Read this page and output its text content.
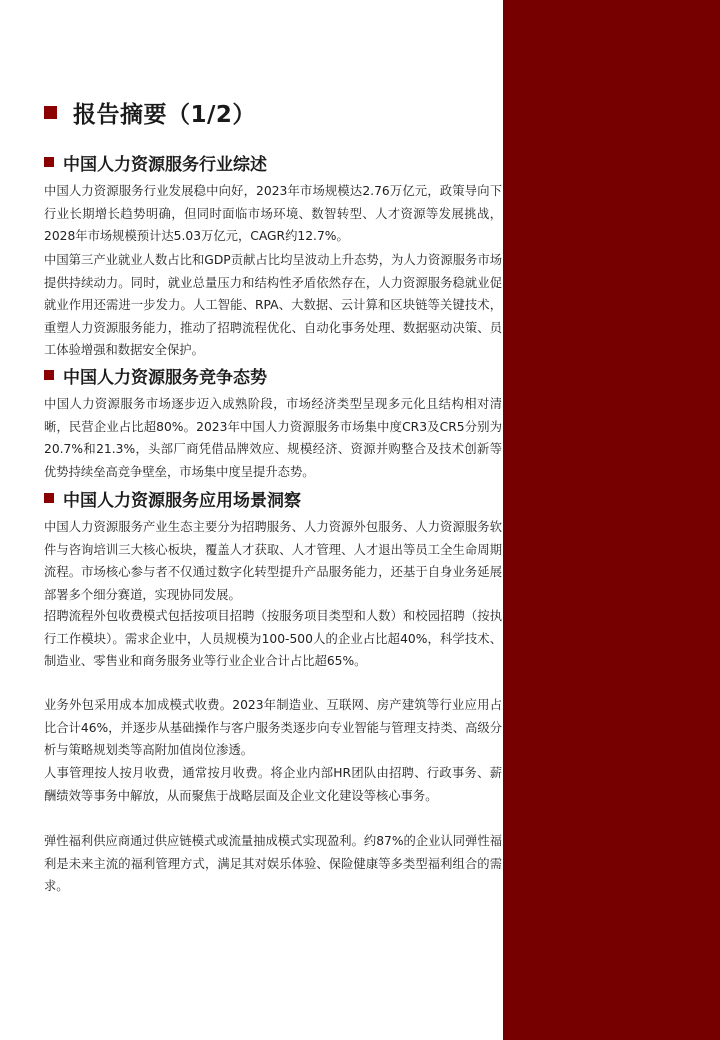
报告摘要（1/2）
中国人力资源服务行业综述

中国人力资源服务行业发展稳中向好，2023年市场规模达2.76万亿元，政策导向下行业长期增长趋势明确，但同时面临市场环境、数智转型、人才资源等发展挑战，2028年市场规模预计达5.03万亿元，CAGR约12.7%。

中国第三产业就业人数占比和GDP贡献占比均呈波动上升态势，为人力资源服务市场提供持续动力。同时，就业总量压力和结构性矛盾依然存在，人力资源服务稳就业促就业作用还需进一步发力。人工智能、RPA、大数据、云计算和区块链等关键技术，重塑人力资源服务能力，推动了招聘流程优化、自动化事务处理、数据驱动决策、员工体验增强和数据安全保护。

中国人力资源服务竞争态势

中国人力资源服务市场逐步迈入成熟阶段，市场经济类型呈现多元化且结构相对清晰，民营企业占比超80%。2023年中国人力资源服务市场集中度CR3及CR5分别为20.7%和21.3%，头部厂商凭借品牌效应、规模经济、资源并购整合及技术创新等优势持续垒高竞争壁垒，市场集中度呈提升态势。

中国人力资源服务应用场景洞察

中国人力资源服务产业生态主要分为招聘服务、人力资源外包服务、人力资源服务软件与咨询培训三大核心板块，覆盖人才获取、人才管理、人才退出等员工全生命周期流程。市场核心参与者不仅通过数字化转型提升产品服务能力，还基于自身业务延展部署多个细分赛道，实现协同发展。

招聘流程外包收费模式包括按项目招聘（按服务项目类型和人数）和校园招聘（按执行工作模块）。需求企业中，人员规模为100-500人的企业占比超40%，科学技术、制造业、零售业和商务服务业等行业企业合计占比超65%。

业务外包采用成本加成模式收费。2023年制造业、互联网、房产建筑等行业应用占比合计46%，并逐步从基础操作与客户服务类逐步向专业智能与管理支持类、高级分析与策略规划类等高附加值岗位渗透。

人事管理按人按月收费，通常按月收费。将企业内部HR团队由招聘、行政事务、薪酬绩效等事务中解放，从而聚焦于战略层面及企业文化建设等核心事务。

弹性福利供应商通过供应链模式或流量抽成模式实现盈利。约87%的企业认同弹性福利是未来主流的福利管理方式，满足其对娱乐体验、保险健康等多类型福利组合的需求。
